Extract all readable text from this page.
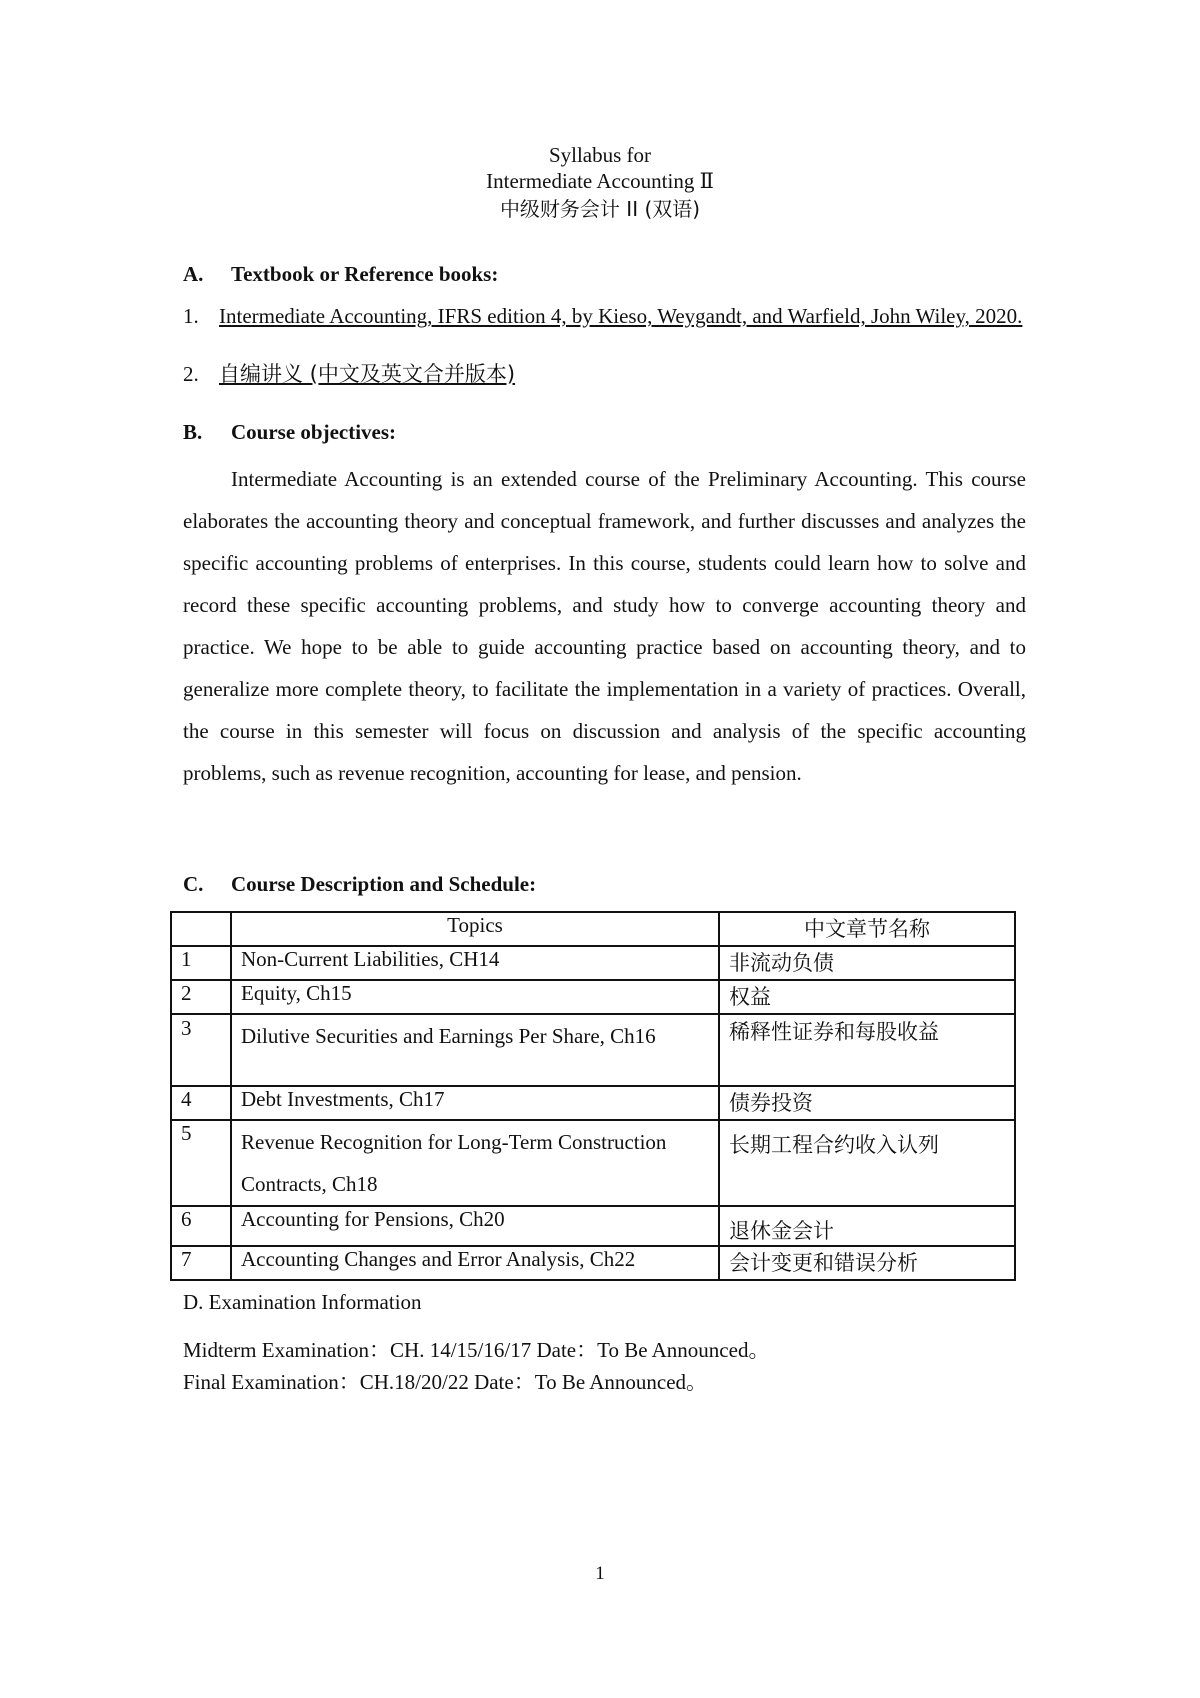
Syllabus for
Intermediate Accounting Ⅱ
中级财务会计 II (双语)
A. Textbook or Reference books:
1. Intermediate Accounting, IFRS edition 4, by Kieso, Weygandt, and Warfield, John Wiley, 2020.
2. 自编讲义 (中文及英文合并版本)
B. Course objectives:

Intermediate Accounting is an extended course of the Preliminary Accounting. This course elaborates the accounting theory and conceptual framework, and further discusses and analyzes the specific accounting problems of enterprises. In this course, students could learn how to solve and record these specific accounting problems, and study how to converge accounting theory and practice. We hope to be able to guide accounting practice based on accounting theory, and to generalize more complete theory, to facilitate the implementation in a variety of practices. Overall, the course in this semester will focus on discussion and analysis of the specific accounting problems, such as revenue recognition, accounting for lease, and pension.

C. Course Description and Schedule:
	Topics	中文章节名称
1	Non-Current Liabilities, CH14	非流动负债
2	Equity, Ch15	权益
3	Dilutive Securities and Earnings Per Share, Ch16	稀释性证券和每股收益
4	Debt Investments, Ch17	债券投资
5	Revenue Recognition for Long-Term Construction Contracts, Ch18	长期工程合约收入认列
6	Accounting for Pensions, Ch20	退休金会计
7	Accounting Changes and Error Analysis, Ch22	会计变更和错误分析
D. Examination Information
Midterm Examination：CH. 14/15/16/17 Date：To Be Announced。
Final Examination：CH.18/20/22 Date：To Be Announced。
1
